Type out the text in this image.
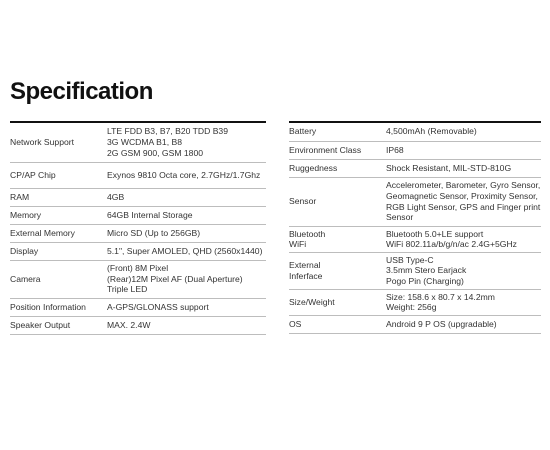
Specification

Network Support	LTE FDD B3, B7, B20 TDD B39
3G WCDMA B1, B8
2G GSM 900, GSM 1800

CP/AP Chip	Exynos 9810 Octa core, 2.7GHz/1.7Ghz

RAM	4GB

Memory	64GB Internal Storage

External Memory	Micro SD (Up to 256GB)

Display	5.1", Super AMOLED, QHD (2560x1440)

Camera	(Front) 8M Pixel
(Rear)12M Pixel AF (Dual Aperture)
Triple LED

Position Information	A-GPS/GLONASS support

Speaker Output	MAX. 2.4W

Battery	4,500mAh (Removable)

Environment Class	IP68

Ruggedness	Shock Resistant, MIL-STD-810G

Sensor	Accelerometer, Barometer, Gyro Sensor,
Geomagnetic Sensor, Proximity Sensor,
RGB Light Sensor, GPS and Finger print
Sensor

Bluetooth
WiFi	Bluetooth 5.0+LE support
WiFi 802.11a/b/g/n/ac 2.4G+5GHz

External
Inferface	USB Type-C
3.5mm Stero Earjack
Pogo Pin (Charging)

Size/Weight	Size: 158.6 x 80.7 x 14.2mm
Weight: 256g

OS	Android 9 P OS (upgradable)
